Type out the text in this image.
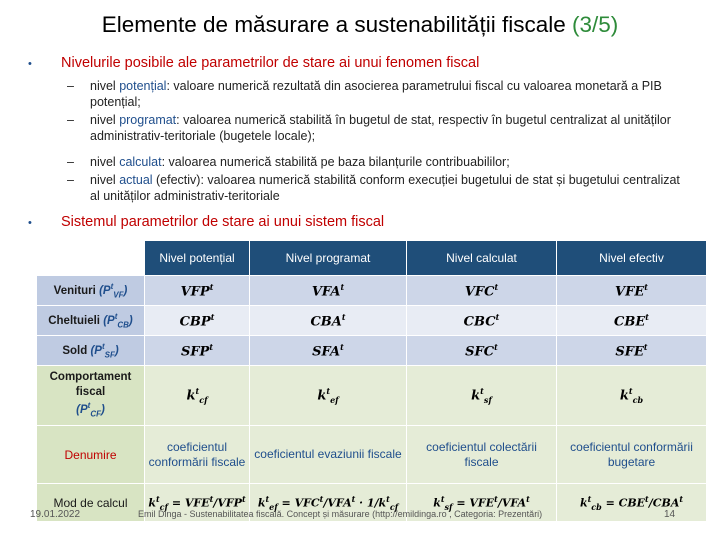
Elemente de măsurare a sustenabilității fiscale (3/5)
• Nivelurile posibile ale parametrilor de stare ai unui fenomen fiscal
– nivel potențial: valoare numerică rezultată din asocierea parametrului fiscal cu valoarea monetară a PIB potențial;
– nivel programat: valoarea numerică stabilită în bugetul de stat, respectiv în bugetul centralizat al unităților administrativ-teritoriale (bugetele locale);
– nivel calculat: valoarea numerică stabilită pe baza bilanțurile contribuabililor;
– nivel actual (efectiv): valoarea numerică stabilită conform execuției bugetului de stat și bugetului centralizat al unităților administrativ-teritoriale
• Sistemul parametrilor de stare ai unui sistem fiscal
	Nivel potențial	Nivel programat	Nivel calculat	Nivel efectiv
Venituri $(P^t_{VF})$	VFP$^t$	VFA$^t$	VFC$^t$	VFE$^t$
Cheltuieli $(P^t_{CB})$	CBP$^t$	CBA$^t$	CBC$^t$	CBE$^t$
Sold $(P^t_{SF})$	SFP$^t$	SFA$^t$	SFC$^t$	SFE$^t$
Comportament fiscal
$(P^t_{CF})$	$k^t_{cf}$	$k^t_{ef}$	$k^t_{sf}$	$k^t_{cb}$
Denumire	coeficientul conformării fiscale	coeficientul evaziunii fiscale	coeficientul colectării fiscale	coeficientul conformării bugetare
Mod de calcul	$k^t_{cf} = VFE^t/VFP^t$	$k^t_{ef} = VFC^t/VFA^t \cdot 1/k^t_{cf}$	$k^t_{sf} = VFE^t/VFA^t$	$k^t_{cb} = CBE^t/CBA^t$
19.01.2022	Emil Dinga - Sustenabilitatea fiscală. Concept și măsurare (http://emildinga.ro , Categoria: Prezentări)	14
